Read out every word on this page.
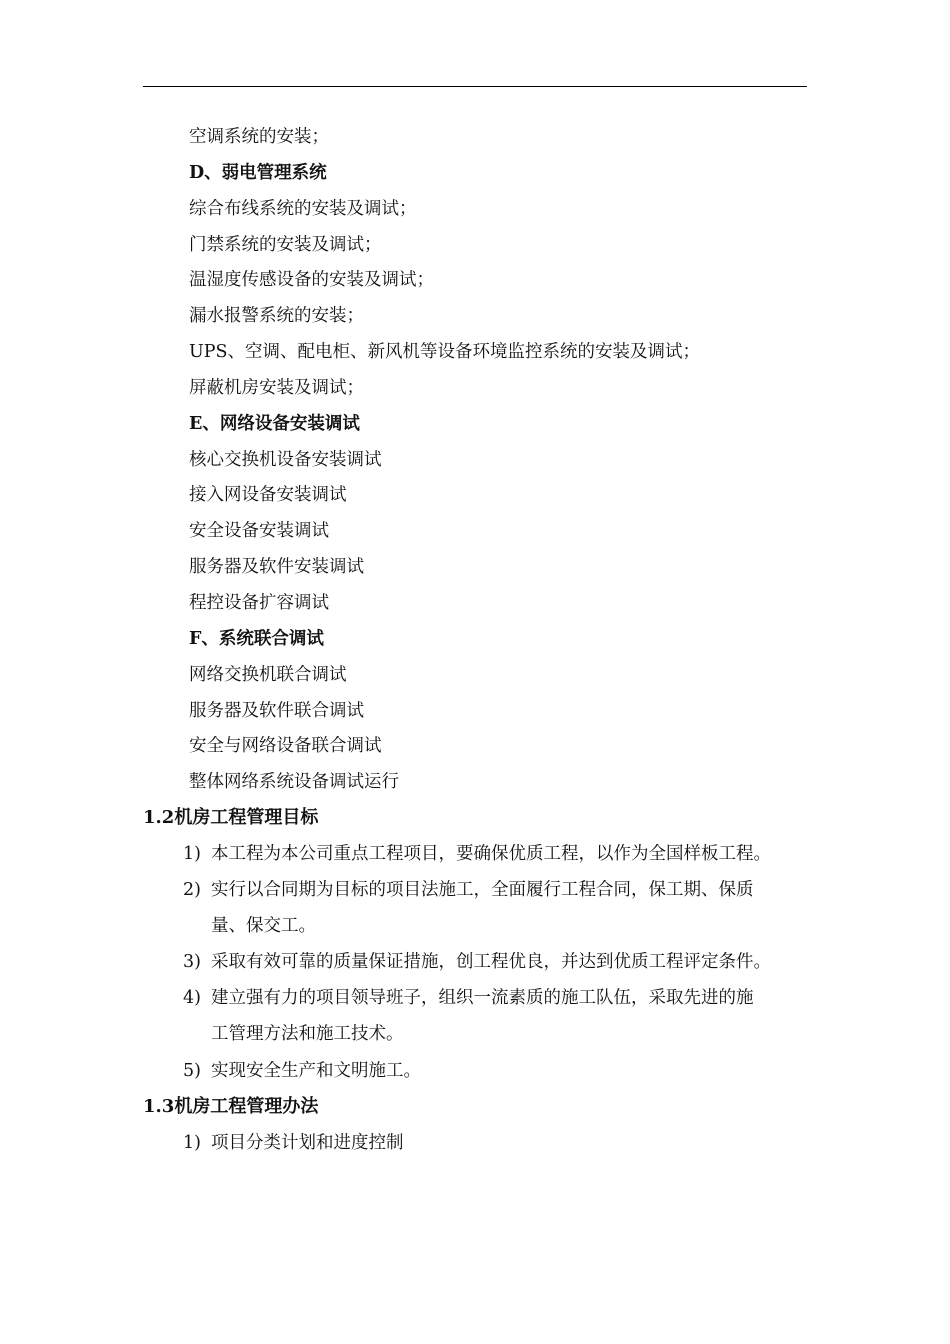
空调系统的安装；
D、弱电管理系统
综合布线系统的安装及调试；
门禁系统的安装及调试；
温湿度传感设备的安装及调试；
漏水报警系统的安装；
UPS、空调、配电柜、新风机等设备环境监控系统的安装及调试；
屏蔽机房安装及调试；
E、网络设备安装调试
核心交换机设备安装调试
接入网设备安装调试
安全设备安装调试
服务器及软件安装调试
程控设备扩容调试
F、系统联合调试
网络交换机联合调试
服务器及软件联合调试
安全与网络设备联合调试
整体网络系统设备调试运行
1.2机房工程管理目标
1) 本工程为本公司重点工程项目，要确保优质工程，以作为全国样板工程。
2) 实行以合同期为目标的项目法施工，全面履行工程合同，保工期、保质
量、保交工。
3) 采取有效可靠的质量保证措施，创工程优良，并达到优质工程评定条件。
4) 建立强有力的项目领导班子，组织一流素质的施工队伍，采取先进的施
工管理方法和施工技术。
5) 实现安全生产和文明施工。
1.3机房工程管理办法
1) 项目分类计划和进度控制
